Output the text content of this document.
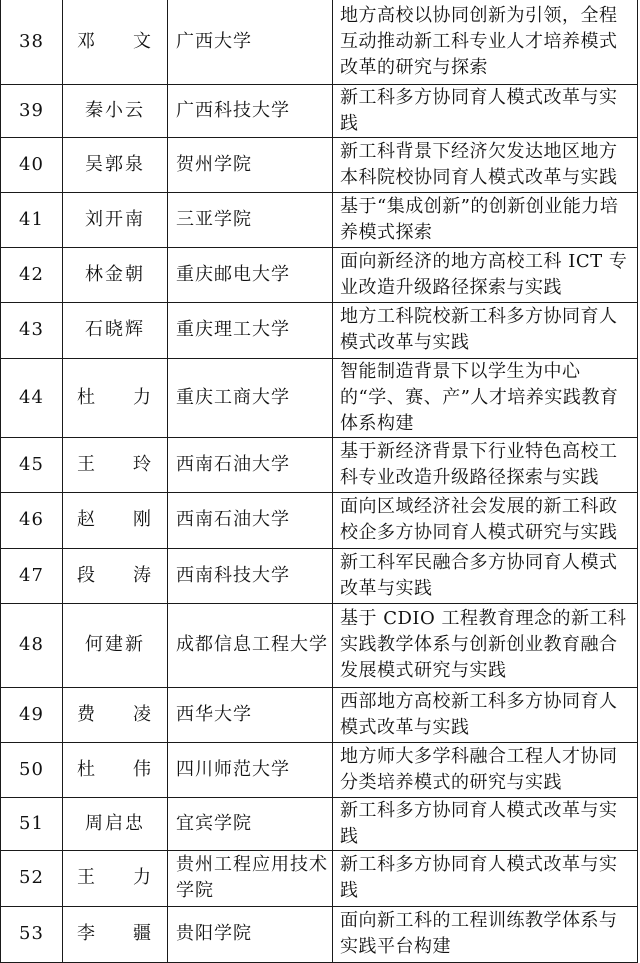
38	邓 文	广西大学	地方高校以协同创新为引领，全程互动推动新工科专业人才培养模式改革的研究与探索
39	秦小云	广西科技大学	新工科多方协同育人模式改革与实践
40	吴郭泉	贺州学院	新工科背景下经济欠发达地区地方本科院校协同育人模式改革与实践
41	刘开南	三亚学院	基于“集成创新”的创新创业能力培养模式探索
42	林金朝	重庆邮电大学	面向新经济的地方高校工科 ICT 专业改造升级路径探索与实践
43	石晓辉	重庆理工大学	地方工科院校新工科多方协同育人模式改革与实践
44	杜 力	重庆工商大学	智能制造背景下以学生为中心的“学、赛、产”人才培养实践教育体系构建
45	王 玲	西南石油大学	基于新经济背景下行业特色高校工科专业改造升级路径探索与实践
46	赵 刚	西南石油大学	面向区域经济社会发展的新工科政校企多方协同育人模式研究与实践
47	段 涛	西南科技大学	新工科军民融合多方协同育人模式改革与实践
48	何建新	成都信息工程大学	基于 CDIO 工程教育理念的新工科实践教学体系与创新创业教育融合发展模式研究与实践
49	费 凌	西华大学	西部地方高校新工科多方协同育人模式改革与实践
50	杜 伟	四川师范大学	地方师大多学科融合工程人才协同分类培养模式的研究与实践
51	周启忠	宜宾学院	新工科多方协同育人模式改革与实践
52	王 力	贵州工程应用技术学院	新工科多方协同育人模式改革与实践
53	李 疆	贵阳学院	面向新工科的工程训练教学体系与实践平台构建
